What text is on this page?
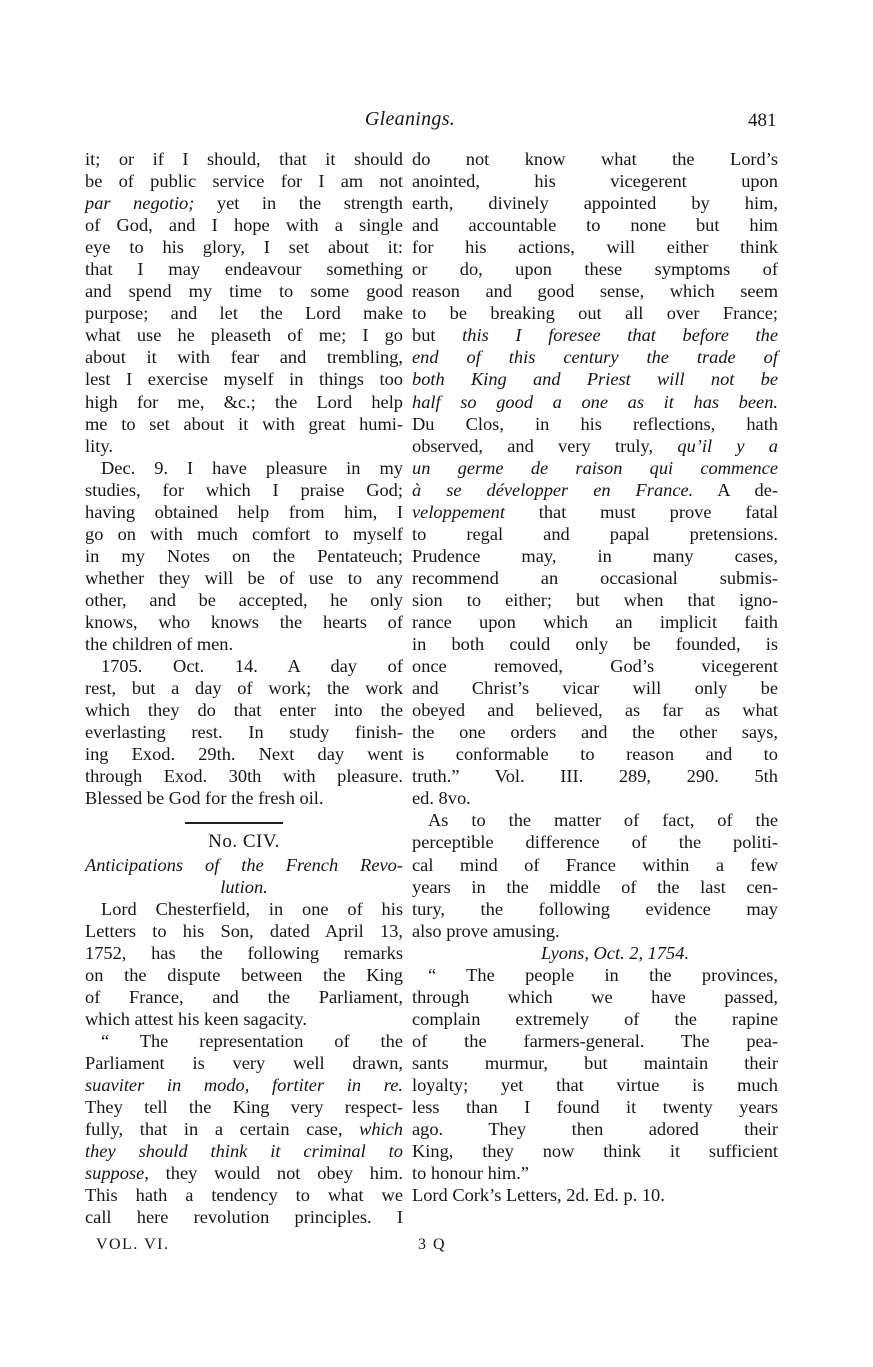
Gleanings.	481
it; or if I should, that it should
be of public service for I am not
par negotio; yet in the strength
of God, and I hope with a single
eye to his glory, I set about it:
that I may endeavour something
and spend my time to some good
purpose; and let the Lord make
what use he pleaseth of me; I go
about it with fear and trembling,
lest I exercise myself in things too
high for me, &c.; the Lord help
me to set about it with great humi-
lity.
Dec. 9. I have pleasure in my
studies, for which I praise God;
having obtained help from him, I
go on with much comfort to myself
in my Notes on the Pentateuch;
whether they will be of use to any
other, and be accepted, he only
knows, who knows the hearts of
the children of men.
1705. Oct. 14. A day of
rest, but a day of work; the work
which they do that enter into the
everlasting rest. In study finish-
ing Exod. 29th. Next day went
through Exod. 30th with pleasure.
Blessed be God for the fresh oil.
No. CIV.
Anticipations of the French Revo-
lution.
Lord Chesterfield, in one of his
Letters to his Son, dated April 13,
1752, has the following remarks
on the dispute between the King
of France, and the Parliament,
which attest his keen sagacity.
“ The representation of the
Parliament is very well drawn,
suaviter in modo, fortiter in re.
They tell the King very respect-
fully, that in a certain case, which
they should think it criminal to
suppose, they would not obey him.
This hath a tendency to what we
call here revolution principles. I
do not know what the Lord’s
anointed, his vicegerent upon
earth, divinely appointed by him,
and accountable to none but him
for his actions, will either think
or do, upon these symptoms of
reason and good sense, which seem
to be breaking out all over France;
but this I foresee that before the
end of this century the trade of
both King and Priest will not be
half so good a one as it has been.
Du Clos, in his reflections, hath
observed, and very truly, qu’il y a
un germe de raison qui commence
à se développer en France. A de-
veloppement that must prove fatal
to regal and papal pretensions.
Prudence may, in many cases,
recommend an occasional submis-
sion to either; but when that igno-
rance upon which an implicit faith
in both could only be founded, is
once removed, God’s vicegerent
and Christ’s vicar will only be
obeyed and believed, as far as what
the one orders and the other says,
is conformable to reason and to
truth.” Vol. III. 289, 290. 5th
ed. 8vo.
As to the matter of fact, of the
perceptible difference of the politi-
cal mind of France within a few
years in the middle of the last cen-
tury, the following evidence may
also prove amusing.
Lyons, Oct. 2, 1754.
“ The people in the provinces,
through which we have passed,
complain extremely of the rapine
of the farmers-general. The pea-
sants murmur, but maintain their
loyalty; yet that virtue is much
less than I found it twenty years
ago. They then adored their
King, they now think it sufficient
to honour him.”
Lord Cork’s Letters, 2d. Ed. p. 10.
VOL. VI.	3 Q
